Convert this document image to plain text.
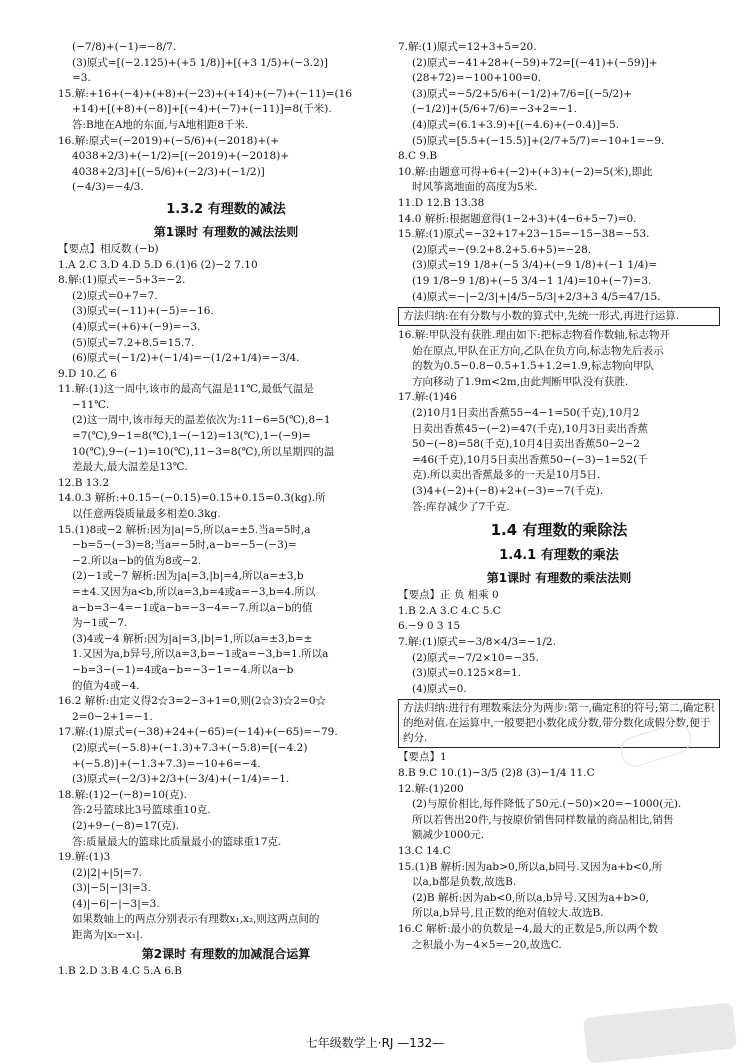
(−7/8)+(−1)=−8/7.
(3)原式=[(−2.125)+(+5 1/8)]+[(+3 1/5)+(−3.2)]
=3.
15.解:+16+(−4)+(+8)+(−23)+(+14)+(−7)+(−11)=(16
+14)+[(+8)+(−8)]+[(−4)+(−7)+(−11)]=8(千米).
答:B地在A地的东面,与A地相距8千米.
16.解:原式=(−2019)+(−5/6)+(−2018)+(+
4038+2/3)+(−1/2)=[(−2019)+(−2018)+
4038+2/3]+[(−5/6)+(−2/3)+(−1/2)]
(−4/3)=−4/3.
1.3.2 有理数的减法
第1课时 有理数的减法法则
【要点】相反数 (−b)
1.A 2.C 3.D 4.D 5.D 6.(1)6 (2)−2 7.10
8.解:(1)原式=−5+3=−2.
(2)原式=0+7=7.
(3)原式=(−11)+(−5)=−16.
(4)原式=(+6)+(−9)=−3.
(5)原式=7.2+8.5=15.7.
(6)原式=(−1/2)+(−1/4)=−(1/2+1/4)=−3/4.
9.D 10.乙 6
11.解:(1)这一周中,该市的最高气温是11℃,最低气温是
−11℃.
(2)这一周中,该市每天的温差依次为:11−6=5(℃),8−1
=7(℃),9−1=8(℃),1−(−12)=13(℃),1−(−9)=
10(℃),9−(−1)=10(℃),11−3=8(℃),所以星期四的温
差最大,最大温差是13℃.
12.B 13.2
14.0.3 解析:+0.15−(−0.15)=0.15+0.15=0.3(kg).所
以任意两袋质量最多相差0.3kg.
15.(1)8或−2 解析:因为|a|=5,所以a=±5.当a=5时,a
−b=5−(−3)=8;当a=−5时,a−b=−5−(−3)=
−2.所以a−b的值为8或−2.
(2)−1或−7 解析:因为|a|=3,|b|=4,所以a=±3,b
=±4.又因为a<b,所以a=3,b=4或a=−3,b=4.所以
a−b=3−4=−1或a−b=−3−4=−7.所以a−b的值
为−1或−7.
(3)4或−4 解析:因为|a|=3,|b|=1,所以a=±3,b=±
1.又因为a,b异号,所以a=3,b=−1或a=−3,b=1.所以a
−b=3−(−1)=4或a−b=−3−1=−4.所以a−b
的值为4或−4.
16.2 解析:由定义得2☆3=2−3+1=0,则(2☆3)☆2=0☆
2=0−2+1=−1.
17.解:(1)原式=(−38)+24+(−65)=(−14)+(−65)=−79.
(2)原式=(−5.8)+(−1.3)+7.3+(−5.8)=[(−4.2)
+(−5.8)]+(−1.3+7.3)=−10+6=−4.
(3)原式=(−2/3)+2/3+(−3/4)+(−1/4)=−1.
18.解:(1)2−(−8)=10(克).
答:2号篮球比3号篮球重10克.
(2)+9−(−8)=17(克).
答:质量最大的篮球比质量最小的篮球重17克.
19.解:(1)3
(2)|2|+|5|=7.
(3)|−5|−|3|=3.
(4)|−6|−|−3|=3.
如果数轴上的两点分别表示有理数x₁,x₂,则这两点间的
距离为|x₂−x₁|.
第2课时 有理数的加减混合运算
1.B 2.D 3.B 4.C 5.A 6.B
7.解:(1)原式=12+3+5=20.
(2)原式=−41+28+(−59)+72=[(−41)+(−59)]+
(28+72)=−100+100=0.
(3)原式=−5/2+5/6+(−1/2)+7/6=[(−5/2)+
(−1/2)]+(5/6+7/6)=−3+2=−1.
(4)原式=(6.1+3.9)+[(−4.6)+(−0.4)]=5.
(5)原式=[5.5+(−15.5)]+(2/7+5/7)=−10+1=−9.
8.C 9.B
10.解:由题意可得+6+(−2)+(+3)+(−2)=5(米),即此
时风筝离地面的高度为5米.
11.D 12.B 13.38
14.0 解析:根据题意得(1−2+3)+(4−6+5−7)=0.
15.解:(1)原式=−32+17+23−15=−15−38=−53.
(2)原式=−(9.2+8.2+5.6+5)=−28.
(3)原式=19 1/8+(−5 3/4)+(−9 1/8)+(−1 1/4)=
(19 1/8−9 1/8)+(−5 3/4−1 1/4)=10+(−7)=3.
(4)原式=−|−2/3|+|4/5−5/3|+2/3+3 4/5=47/15.
方法归纳:在有分数与小数的算式中,先统一形式,再进行运算.
16.解:甲队没有获胜.理由如下:把标志物看作数轴,标志物开
始在原点,甲队在正方向,乙队在负方向,标志物先后表示
的数为0.5−0.8−0.5+1.5+1.2=1.9,标志物向甲队
方向移动了1.9m<2m,由此判断甲队没有获胜.
17.解:(1)46
(2)10月1日卖出香蕉55−4−1=50(千克),10月2
日卖出香蕉45−(−2)=47(千克),10月3日卖出香蕉
50−(−8)=58(千克),10月4日卖出香蕉50−2−2
=46(千克),10月5日卖出香蕉50−(−3)−1=52(千
克).所以卖出香蕉最多的一天是10月5日.
(3)4+(−2)+(−8)+2+(−3)=−7(千克).
答:库存减少了7千克.
1.4 有理数的乘除法
1.4.1 有理数的乘法
第1课时 有理数的乘法法则
【要点】正 负 相乘 0
1.B 2.A 3.C 4.C 5.C
6.−9 0 3 15
7.解:(1)原式=−3/8×4/3=−1/2.
(2)原式=−7/2×10=−35.
(3)原式=0.125×8=1.
(4)原式=0.
方法归纳:进行有理数乘法分为两步:第一,确定积的符号;第二,确定积的绝对值.在运算中,一般要把小数化成分数,带分数化成假分数,便于约分.
【要点】1
8.B 9.C 10.(1)−3/5 (2)8 (3)−1/4 11.C
12.解:(1)200
(2)与原价相比,每件降低了50元.(−50)×20=−1000(元).
所以若售出20件,与按原价销售同样数量的商品相比,销售
额减少1000元.
13.C 14.C
15.(1)B 解析:因为ab>0,所以a,b同号.又因为a+b<0,所
以a,b都是负数,故选B.
(2)B 解析:因为ab<0,所以a,b异号.又因为a+b>0,
所以a,b异号,且正数的绝对值较大.故选B.
16.C 解析:最小的负数是−4,最大的正数是5,所以两个数
之积最小为−4×5=−20,故选C.
七年级数学上·RJ —132—
